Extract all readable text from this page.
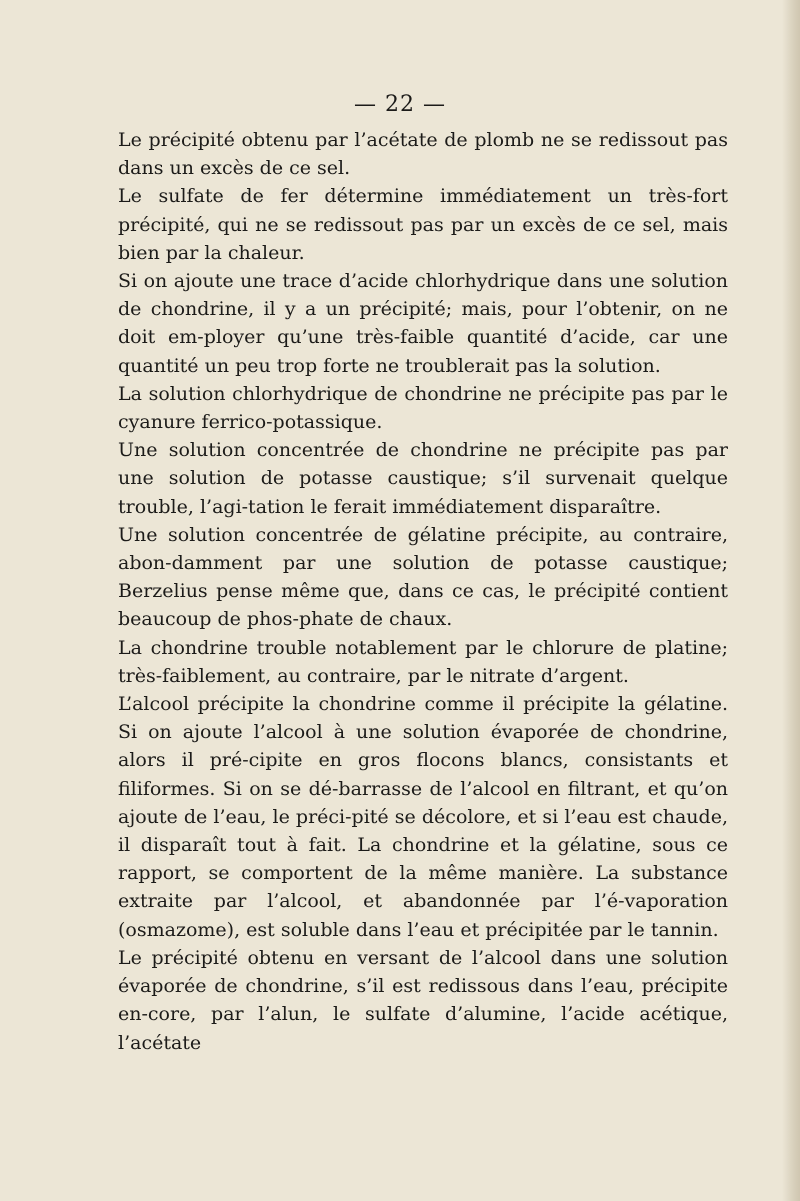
— 22 —

Le précipité obtenu par l’acétate de plomb ne se redissout pas dans un excès de ce sel.

Le sulfate de fer détermine immédiatement un très-fort précipité, qui ne se redissout pas par un excès de ce sel, mais bien par la chaleur.

Si on ajoute une trace d’acide chlorhydrique dans une solution de chondrine, il y a un précipité; mais, pour l’obtenir, on ne doit em-ployer qu’une très-faible quantité d’acide, car une quantité un peu trop forte ne troublerait pas la solution.

La solution chlorhydrique de chondrine ne précipite pas par le cyanure ferrico-potassique.

Une solution concentrée de chondrine ne précipite pas par une solution de potasse caustique; s’il survenait quelque trouble, l’agi-tation le ferait immédiatement disparaître.

Une solution concentrée de gélatine précipite, au contraire, abon-damment par une solution de potasse caustique; Berzelius pense même que, dans ce cas, le précipité contient beaucoup de phos-phate de chaux.

La chondrine trouble notablement par le chlorure de platine; très-faiblement, au contraire, par le nitrate d’argent.

L’alcool précipite la chondrine comme il précipite la gélatine. Si on ajoute l’alcool à une solution évaporée de chondrine, alors il pré-cipite en gros flocons blancs, consistants et filiformes. Si on se dé-barrasse de l’alcool en filtrant, et qu’on ajoute de l’eau, le préci-pité se décolore, et si l’eau est chaude, il disparaît tout à fait. La chondrine et la gélatine, sous ce rapport, se comportent de la même manière. La substance extraite par l’alcool, et abandonnée par l’é-vaporation (osmazome), est soluble dans l’eau et précipitée par le tannin.

Le précipité obtenu en versant de l’alcool dans une solution évaporée de chondrine, s’il est redissous dans l’eau, précipite en-core, par l’alun, le sulfate d’alumine, l’acide acétique, l’acétate
